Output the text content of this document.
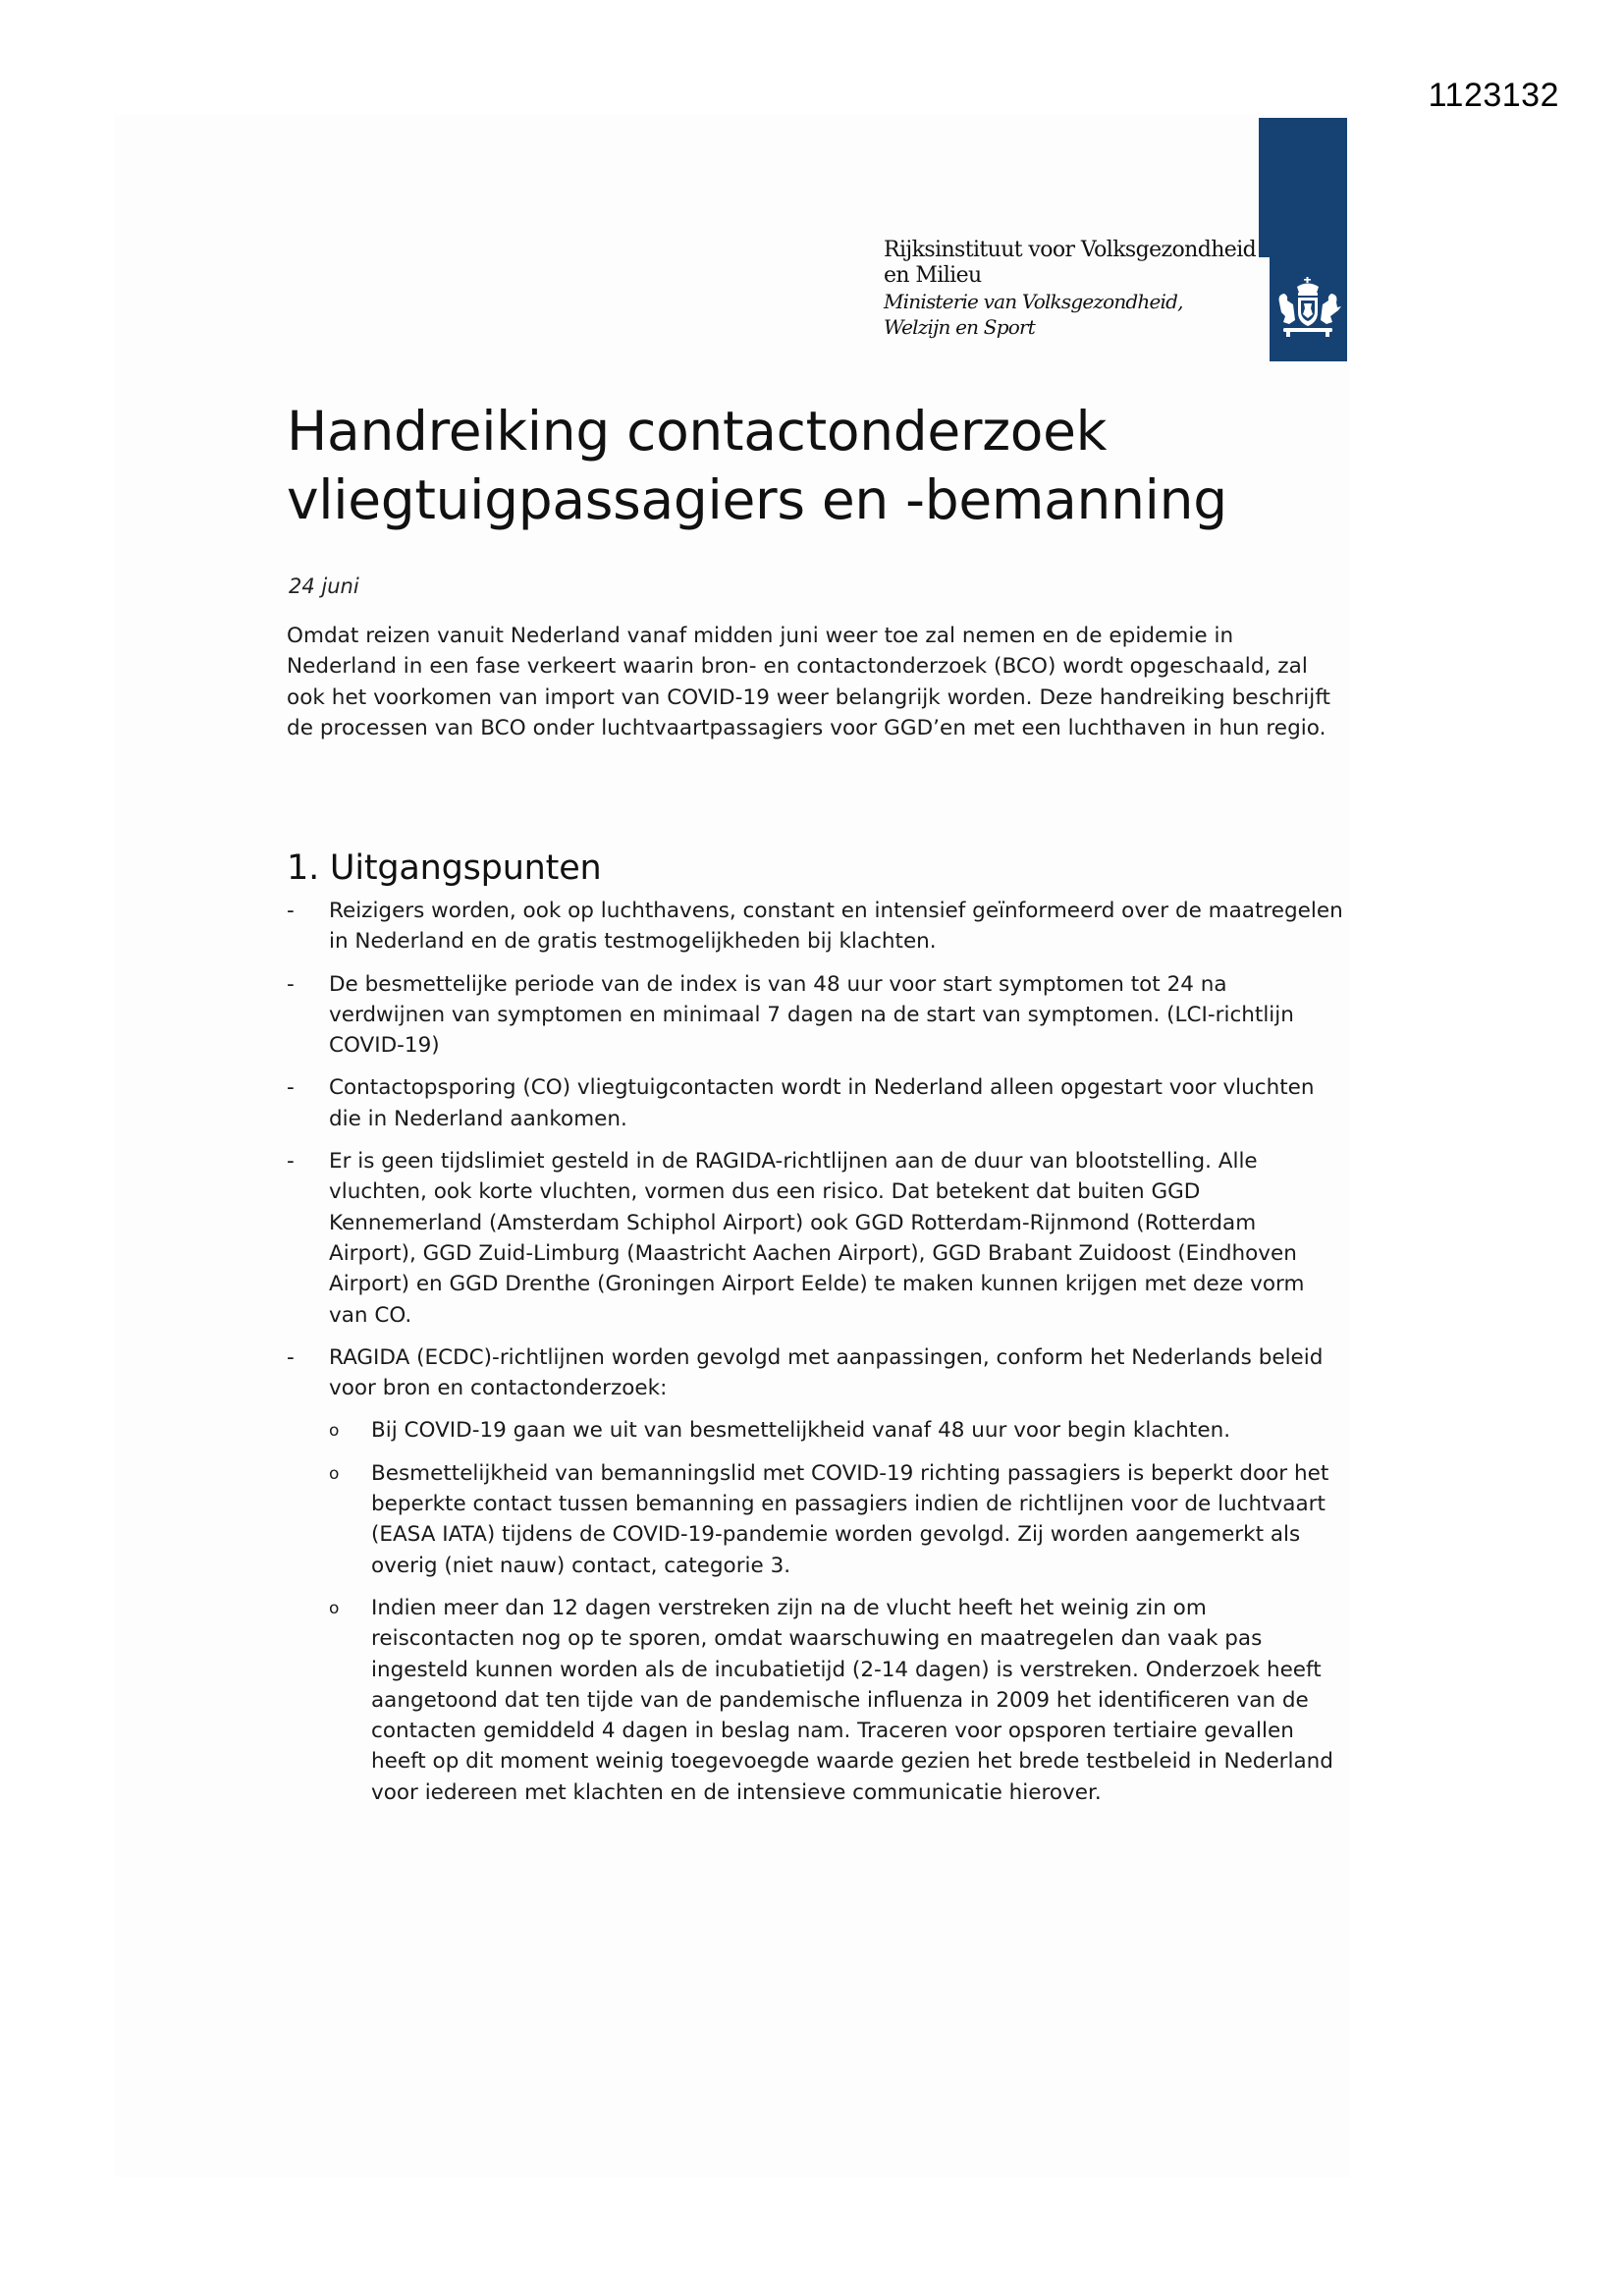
1123132
Rijksinstituut voor Volksgezondheid
en Milieu
Ministerie van Volksgezondheid,
Welzijn en Sport
Handreiking contactonderzoek
vliegtuigpassagiers en -bemanning
24 juni

Omdat reizen vanuit Nederland vanaf midden juni weer toe zal nemen en de epidemie in Nederland in een fase verkeert waarin bron- en contactonderzoek (BCO) wordt opgeschaald, zal ook het voorkomen van import van COVID-19 weer belangrijk worden. Deze handreiking beschrijft de processen van BCO onder luchtvaartpassagiers voor GGD’en met een luchthaven in hun regio.

1. Uitgangspunten
-	Reizigers worden, ook op luchthavens, constant en intensief geïnformeerd over de maatregelen in Nederland en de gratis testmogelijkheden bij klachten.
-	De besmettelijke periode van de index is van 48 uur voor start symptomen tot 24 na verdwijnen van symptomen en minimaal 7 dagen na de start van symptomen. (LCI-richtlijn COVID-19)
-	Contactopsporing (CO) vliegtuigcontacten wordt in Nederland alleen opgestart voor vluchten die in Nederland aankomen.
-	Er is geen tijdslimiet gesteld in de RAGIDA-richtlijnen aan de duur van blootstelling. Alle vluchten, ook korte vluchten, vormen dus een risico. Dat betekent dat buiten GGD Kennemerland (Amsterdam Schiphol Airport) ook GGD Rotterdam-Rijnmond (Rotterdam Airport), GGD Zuid-Limburg (Maastricht Aachen Airport), GGD Brabant Zuidoost (Eindhoven Airport) en GGD Drenthe (Groningen Airport Eelde) te maken kunnen krijgen met deze vorm van CO.
-	RAGIDA (ECDC)-richtlijnen worden gevolgd met aanpassingen, conform het Nederlands beleid voor bron en contactonderzoek:
o Bij COVID-19 gaan we uit van besmettelijkheid vanaf 48 uur voor begin klachten.
o Besmettelijkheid van bemanningslid met COVID-19 richting passagiers is beperkt door het beperkte contact tussen bemanning en passagiers indien de richtlijnen voor de luchtvaart (EASA IATA) tijdens de COVID-19-pandemie worden gevolgd. Zij worden aangemerkt als overig (niet nauw) contact, categorie 3.
o Indien meer dan 12 dagen verstreken zijn na de vlucht heeft het weinig zin om reiscontacten nog op te sporen, omdat waarschuwing en maatregelen dan vaak pas ingesteld kunnen worden als de incubatietijd (2-14 dagen) is verstreken. Onderzoek heeft aangetoond dat ten tijde van de pandemische influenza in 2009 het identificeren van de contacten gemiddeld 4 dagen in beslag nam. Traceren voor opsporen tertiaire gevallen heeft op dit moment weinig toegevoegde waarde gezien het brede testbeleid in Nederland voor iedereen met klachten en de intensieve communicatie hierover.
